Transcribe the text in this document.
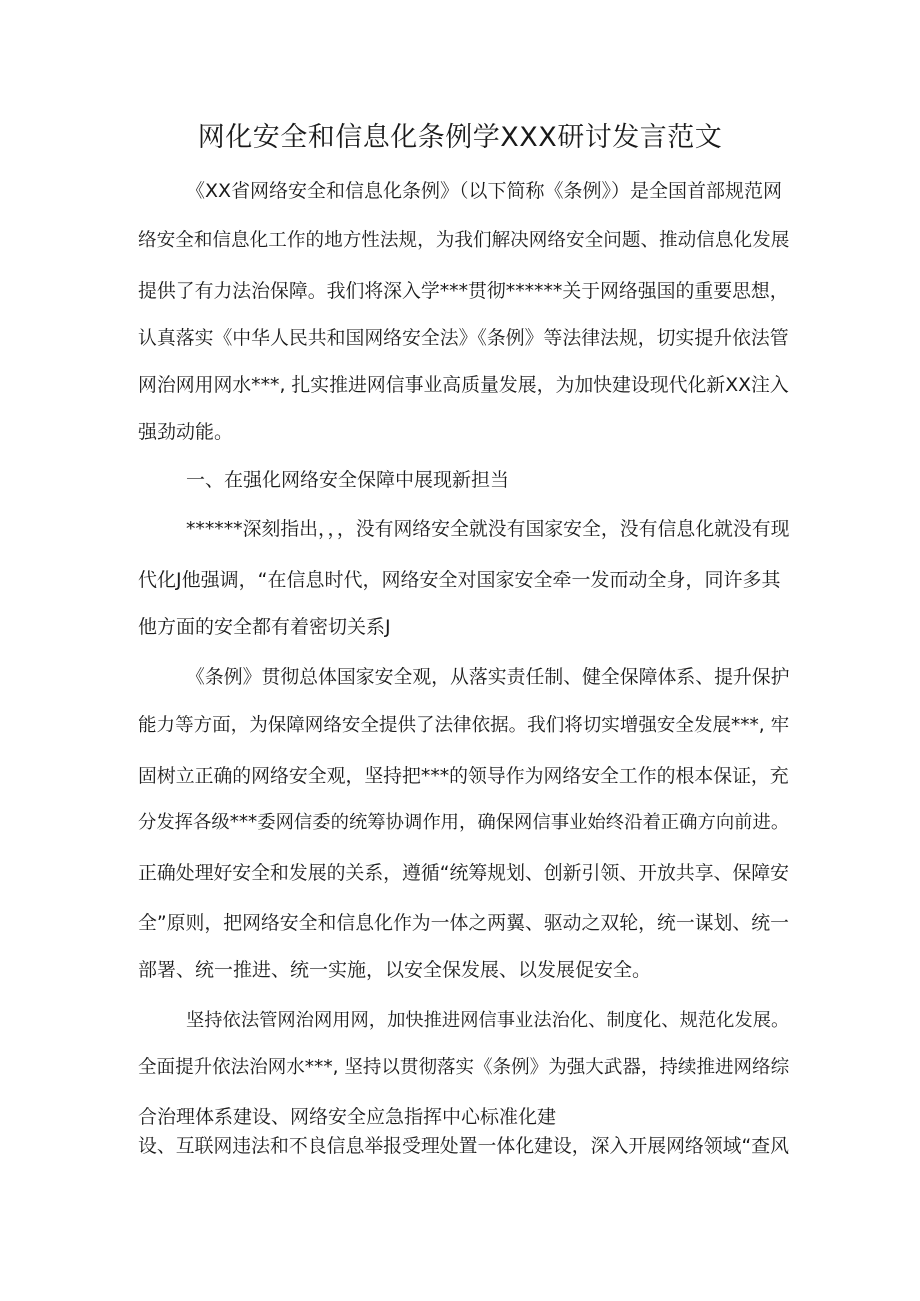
网化安全和信息化条例学XXX研讨发言范文
《XX省网络安全和信息化条例》（以下简称《条例》）是全国首部规范网
络安全和信息化工作的地方性法规，为我们解决网络安全问题、推动信息化发展
提供了有力法治保障。我们将深入学***贯彻******关于网络强国的重要思想，
认真落实《中华人民共和国网络安全法》《条例》等法律法规，切实提升依法管
网治网用网水***, 扎实推进网信事业高质量发展，为加快建设现代化新XX注入
强劲动能。
一、在强化网络安全保障中展现新担当
******深刻指出，，，没有网络安全就没有国家安全，没有信息化就没有现
代化J他强调，“在信息时代，网络安全对国家安全牵一发而动全身，同许多其
他方面的安全都有着密切关系J
《条例》贯彻总体国家安全观，从落实责任制、健全保障体系、提升保护
能力等方面，为保障网络安全提供了法律依据。我们将切实增强安全发展***, 牢
固树立正确的网络安全观，坚持把***的领导作为网络安全工作的根本保证，充
分发挥各级***委网信委的统筹协调作用，确保网信事业始终沿着正确方向前进。
正确处理好安全和发展的关系，遵循“统筹规划、创新引领、开放共享、保障安
全”原则，把网络安全和信息化作为一体之两翼、驱动之双轮，统一谋划、统一
部署、统一推进、统一实施，以安全保发展、以发展促安全。
坚持依法管网治网用网，加快推进网信事业法治化、制度化、规范化发展。
全面提升依法治网水***, 坚持以贯彻落实《条例》为强大武器，持续推进网络综
合治理体系建设、网络安全应急指挥中心标准化建
设、互联网违法和不良信息举报受理处置一体化建设，深入开展网络领域“查风
